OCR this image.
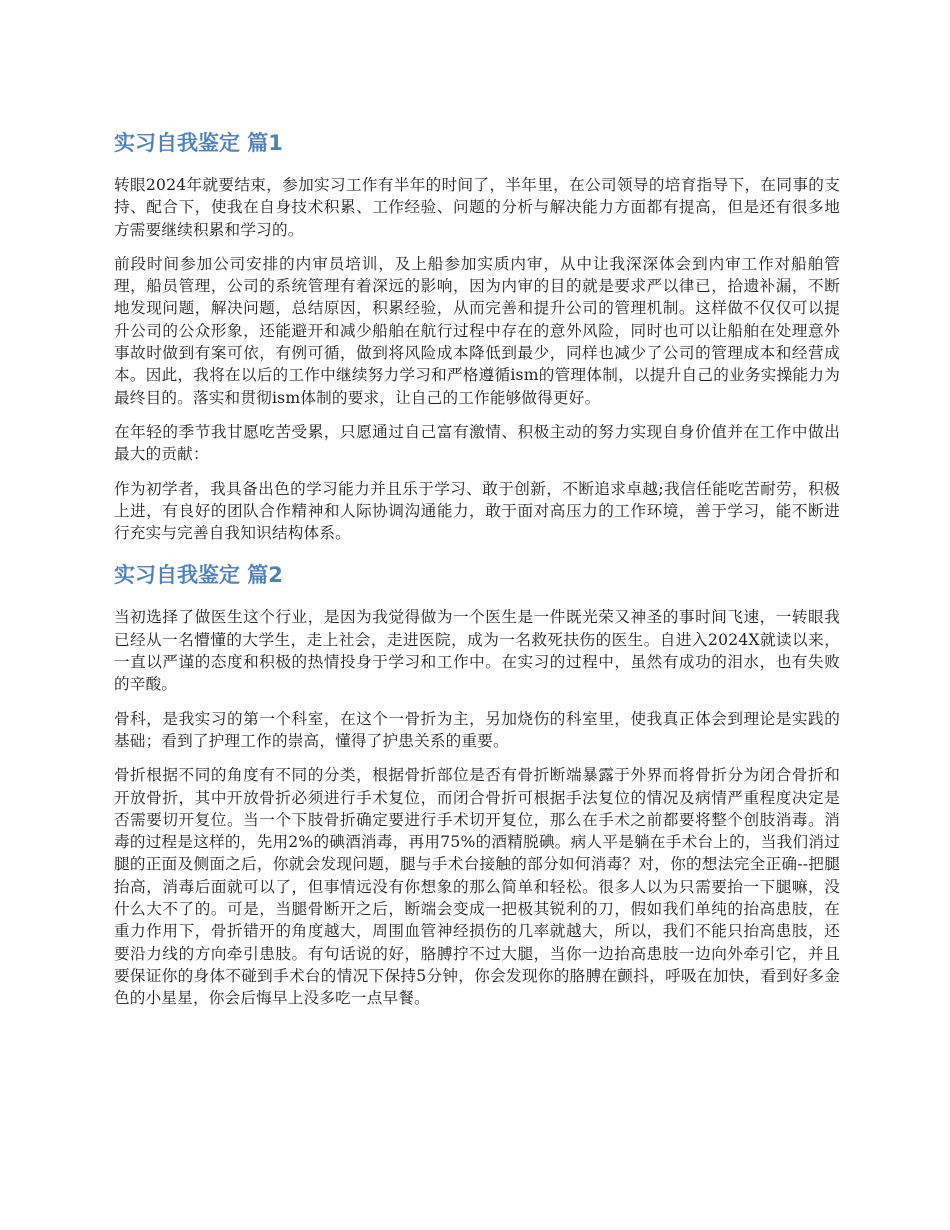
实习自我鉴定 篇1

转眼2024年就要结束，参加实习工作有半年的时间了，半年里，在公司领导的培育指导下，在同事的支持、配合下，使我在自身技术积累、工作经验、问题的分析与解决能力方面都有提高，但是还有很多地方需要继续积累和学习的。

前段时间参加公司安排的内审员培训，及上船参加实质内审，从中让我深深体会到内审工作对船舶管理，船员管理，公司的系统管理有着深远的影响，因为内审的目的就是要求严以律已，拾遗补漏，不断地发现问题，解决问题，总结原因，积累经验，从而完善和提升公司的管理机制。这样做不仅仅可以提升公司的公众形象，还能避开和减少船舶在航行过程中存在的意外风险，同时也可以让船舶在处理意外事故时做到有案可依，有例可循，做到将风险成本降低到最少，同样也减少了公司的管理成本和经营成本。因此，我将在以后的工作中继续努力学习和严格遵循ism的管理体制，以提升自己的业务实操能力为最终目的。落实和贯彻ism体制的要求，让自己的工作能够做得更好。

在年轻的季节我甘愿吃苦受累，只愿通过自己富有激情、积极主动的努力实现自身价值并在工作中做出最大的贡献：

作为初学者，我具备出色的学习能力并且乐于学习、敢于创新，不断追求卓越;我信任能吃苦耐劳，积极上进，有良好的团队合作精神和人际协调沟通能力，敢于面对高压力的工作环境，善于学习，能不断进行充实与完善自我知识结构体系。

实习自我鉴定 篇2

当初选择了做医生这个行业，是因为我觉得做为一个医生是一件既光荣又神圣的事时间飞速，一转眼我已经从一名懵懂的大学生，走上社会，走进医院，成为一名救死扶伤的医生。自进入2024X就读以来，一直以严谨的态度和积极的热情投身于学习和工作中。在实习的过程中，虽然有成功的泪水，也有失败的辛酸。

骨科，是我实习的第一个科室，在这个一骨折为主，另加烧伤的科室里，使我真正体会到理论是实践的基础；看到了护理工作的崇高，懂得了护患关系的重要。

骨折根据不同的角度有不同的分类，根据骨折部位是否有骨折断端暴露于外界而将骨折分为闭合骨折和开放骨折，其中开放骨折必须进行手术复位，而闭合骨折可根据手法复位的情况及病情严重程度决定是否需要切开复位。当一个下肢骨折确定要进行手术切开复位，那么在手术之前都要将整个创肢消毒。消毒的过程是这样的，先用2%的碘酒消毒，再用75%的酒精脱碘。病人平是躺在手术台上的，当我们消过腿的正面及侧面之后，你就会发现问题，腿与手术台接触的部分如何消毒？对，你的想法完全正确--把腿抬高，消毒后面就可以了，但事情远没有你想象的那么简单和轻松。很多人以为只需要抬一下腿嘛，没什么大不了的。可是，当腿骨断开之后，断端会变成一把极其锐利的刀，假如我们单纯的抬高患肢，在重力作用下，骨折错开的角度越大，周围血管神经损伤的几率就越大，所以，我们不能只抬高患肢，还要沿力线的方向牵引患肢。有句话说的好，胳膊拧不过大腿，当你一边抬高患肢一边向外牵引它，并且要保证你的身体不碰到手术台的情况下保持5分钟，你会发现你的胳膊在颤抖，呼吸在加快，看到好多金色的小星星，你会后悔早上没多吃一点早餐。
